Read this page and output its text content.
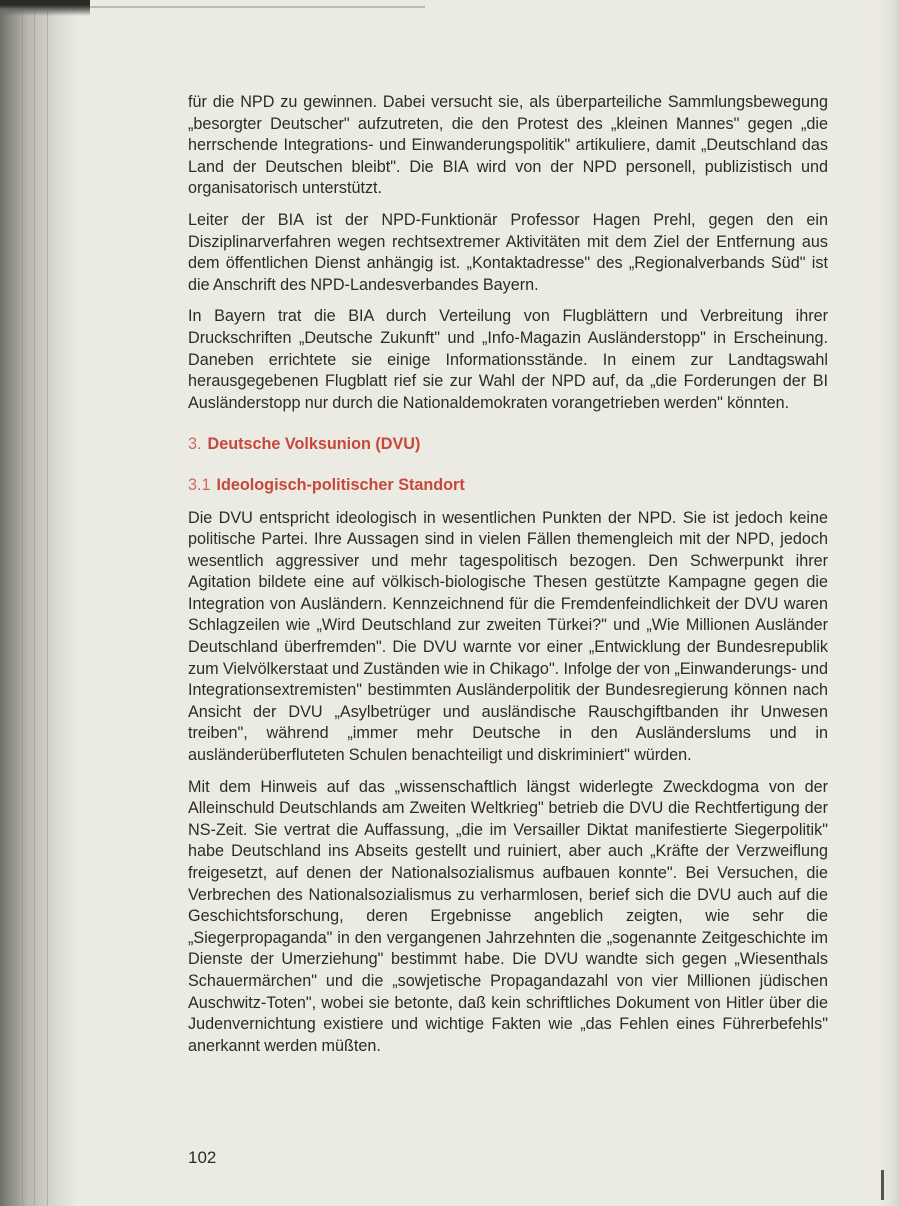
für die NPD zu gewinnen. Dabei versucht sie, als überparteiliche Sammlungsbewegung „besorgter Deutscher" aufzutreten, die den Protest des „kleinen Mannes" gegen „die herrschende Integrations- und Einwanderungspolitik" artikuliere, damit „Deutschland das Land der Deutschen bleibt". Die BIA wird von der NPD personell, publizistisch und organisatorisch unterstützt.

Leiter der BIA ist der NPD-Funktionär Professor Hagen Prehl, gegen den ein Disziplinarverfahren wegen rechtsextremer Aktivitäten mit dem Ziel der Entfernung aus dem öffentlichen Dienst anhängig ist. „Kontaktadresse" des „Regionalverbands Süd" ist die Anschrift des NPD-Landesverbandes Bayern.

In Bayern trat die BIA durch Verteilung von Flugblättern und Verbreitung ihrer Druckschriften „Deutsche Zukunft" und „Info-Magazin Ausländerstopp" in Erscheinung. Daneben errichtete sie einige Informationsstände. In einem zur Landtagswahl herausgegebenen Flugblatt rief sie zur Wahl der NPD auf, da „die Forderungen der BI Ausländerstopp nur durch die Nationaldemokraten vorangetrieben werden" könnten.

3. Deutsche Volksunion (DVU)
3.1 Ideologisch-politischer Standort

Die DVU entspricht ideologisch in wesentlichen Punkten der NPD. Sie ist jedoch keine politische Partei. Ihre Aussagen sind in vielen Fällen themengleich mit der NPD, jedoch wesentlich aggressiver und mehr tagespolitisch bezogen. Den Schwerpunkt ihrer Agitation bildete eine auf völkisch-biologische Thesen gestützte Kampagne gegen die Integration von Ausländern. Kennzeichnend für die Fremdenfeindlichkeit der DVU waren Schlagzeilen wie „Wird Deutschland zur zweiten Türkei?" und „Wie Millionen Ausländer Deutschland überfremden". Die DVU warnte vor einer „Entwicklung der Bundesrepublik zum Vielvölkerstaat und Zuständen wie in Chikago". Infolge der von „Einwanderungs- und Integrationsextremisten" bestimmten Ausländerpolitik der Bundesregierung können nach Ansicht der DVU „Asylbetrüger und ausländische Rauschgiftbanden ihr Unwesen treiben", während „immer mehr Deutsche in den Ausländerslums und in ausländerüberfluteten Schulen benachteiligt und diskriminiert" würden.

Mit dem Hinweis auf das „wissenschaftlich längst widerlegte Zweckdogma von der Alleinschuld Deutschlands am Zweiten Weltkrieg" betrieb die DVU die Rechtfertigung der NS-Zeit. Sie vertrat die Auffassung, „die im Versailler Diktat manifestierte Siegerpolitik" habe Deutschland ins Abseits gestellt und ruiniert, aber auch „Kräfte der Verzweiflung freigesetzt, auf denen der Nationalsozialismus aufbauen konnte". Bei Versuchen, die Verbrechen des Nationalsozialismus zu verharmlosen, berief sich die DVU auch auf die Geschichtsforschung, deren Ergebnisse angeblich zeigten, wie sehr die „Siegerpropaganda" in den vergangenen Jahrzehnten die „sogenannte Zeitgeschichte im Dienste der Umerziehung" bestimmt habe. Die DVU wandte sich gegen „Wiesenthals Schauermärchen" und die „sowjetische Propagandazahl von vier Millionen jüdischen Auschwitz-Toten", wobei sie betonte, daß kein schriftliches Dokument von Hitler über die Judenvernichtung existiere und wichtige Fakten wie „das Fehlen eines Führerbefehls" anerkannt werden müßten.

102
